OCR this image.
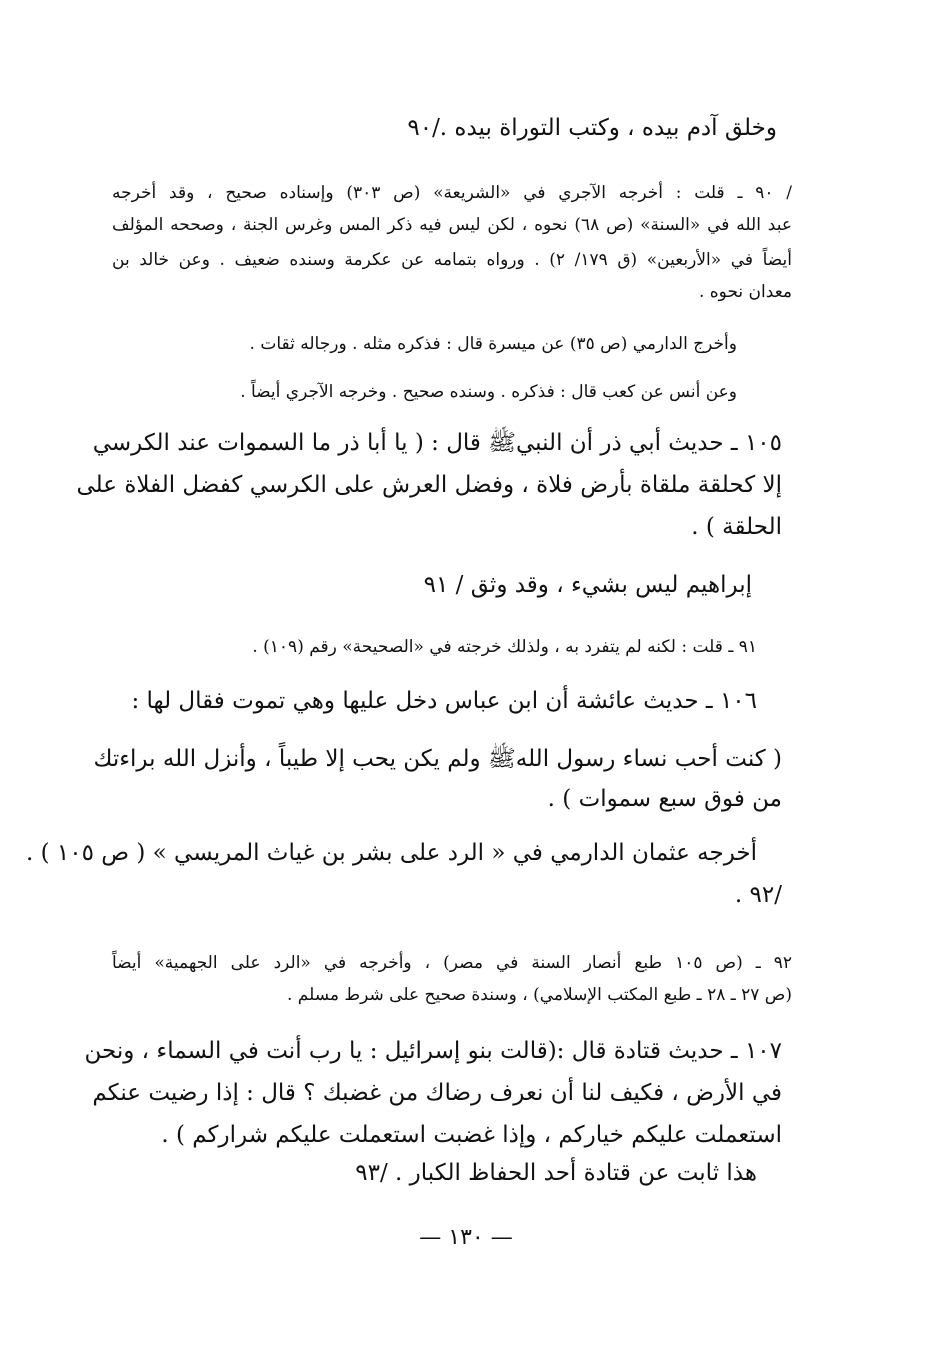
وخلق آدم بيده ، وكتب التوراة بيده ./٩٠
/ ٩٠ ـ قلت : أخرجه الآجري في «الشريعة» (ص ٣٠٣) وإسناده صحيح ، وقد أخرجه
عبد الله في «السنة» (ص ٦٨) نحوه ، لكن ليس فيه ذكر المس وغرس الجنة ، وصححه المؤلف
أيضاً في «الأربعين» (ق ١٧٩/ ٢) . ورواه بتمامه عن عكرمة وسنده ضعيف . وعن خالد بن
معدان نحوه .
وأخرج الدارمي (ص ٣٥) عن ميسرة قال : فذكره مثله . ورجاله ثقات .
وعن أنس عن كعب قال : فذكره . وسنده صحيح . وخرجه الآجري أيضاً .
١٠٥ ـ حديث أبي ذر أن النبيﷺ قال : ( يا أبا ذر ما السموات عند الكرسي
إلا كحلقة ملقاة بأرض فلاة ، وفضل العرش على الكرسي كفضل الفلاة على
الحلقة ) .
إبراهيم ليس بشيء ، وقد وثق / ٩١
٩١ ـ قلت : لكنه لم يتفرد به ، ولذلك خرجته في «الصحيحة» رقم (١٠٩) .
١٠٦ ـ حديث عائشة أن ابن عباس دخل عليها وهي تموت فقال لها :
( كنت أحب نساء رسول اللهﷺ ولم يكن يحب إلا طيباً ، وأنزل الله براءتك
من فوق سبع سموات ) .
أخرجه عثمان الدارمي في « الرد على بشر بن غياث المريسي » ( ص ١٠٥ ) .
/٩٢ .
٩٢ ـ (ص ١٠٥ طبع أنصار السنة في مصر) ، وأخرجه في «الرد على الجهمية» أيضاً
(ص ٢٧ ـ ٢٨ ـ طبع المكتب الإسلامي) ، وسندة صحيح على شرط مسلم .
١٠٧ ـ حديث قتادة قال :(قالت بنو إسرائيل : يا رب أنت في السماء ، ونحن
في الأرض ، فكيف لنا أن نعرف رضاك من غضبك ؟ قال : إذا رضيت عنكم
استعملت عليكم خياركم ، وإذا غضبت استعملت عليكم شراركم ) .
هذا ثابت عن قتادة أحد الحفاظ الكبار . /٩٣
— ١٣٠ —
